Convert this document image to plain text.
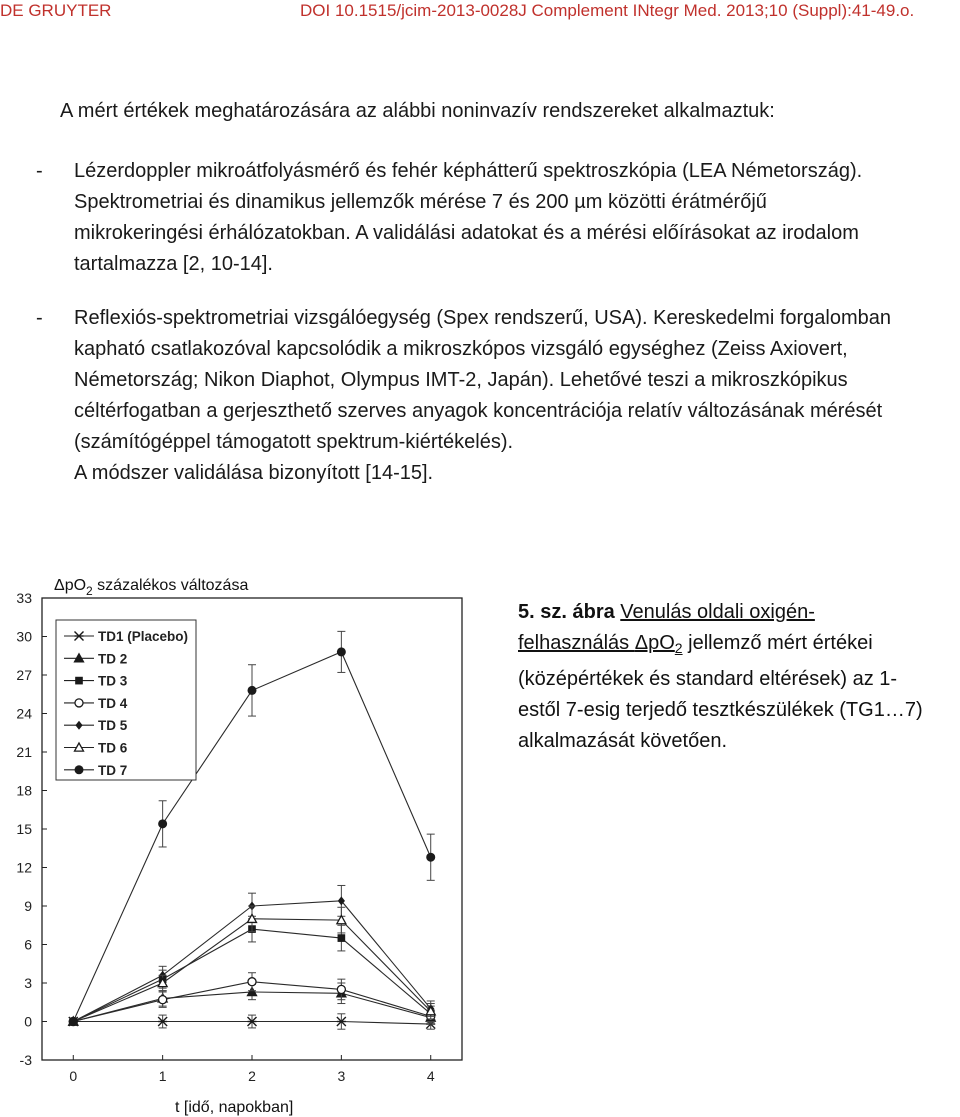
DE GRUYTER	DOI 10.1515/jcim-2013-0028J Complement INtegr Med. 2013;10 (Suppl):41-49.o.
A mért értékek meghatározására az alábbi noninvazív rendszereket alkalmaztuk:
- Lézerdoppler mikroátfolyásmérő és fehér képhátterű spektroszkópia (LEA Németország).
Spektrometriai és dinamikus jellemzők mérése 7 és 200 µm közötti érátmérőjű
mikrokeringési érhálózatokban. A validálási adatokat és a mérési előírásokat az irodalom
tartalmazza [2, 10-14].
- Reflexiós-spektrometriai vizsgálóegység (Spex rendszerű, USA). Kereskedelmi forgalomban
kapható csatlakozóval kapcsolódik a mikroszkópos vizsgáló egységhez (Zeiss Axiovert,
Németország; Nikon Diaphot, Olympus IMT-2, Japán). Lehetővé teszi a mikroszkópikus
céltérfogatban a gerjeszthető szerves anyagok koncentrációja relatív változásának mérését
(számítógéppel támogatott spektrum-kiértékelés).
A módszer validálása bizonyított [14-15].
ΔpO$_2$ százalékos változása
-3
0
3
6
9
12
15
18
21
24
27
30
33
0	1	2	3	4
TD1 (Placebo)
TD 2
TD 3
TD 4
TD 5
TD 6
TD 7
t [idő, napokban]
5. sz. ábra Venulás oldali oxigén-
felhasználás ΔpO$_2$ jellemző mért értékei
(középértékek és standard eltérések) az 1-
estől 7-esig terjedő tesztkészülékek (TG1…7)
alkalmazását követően.
